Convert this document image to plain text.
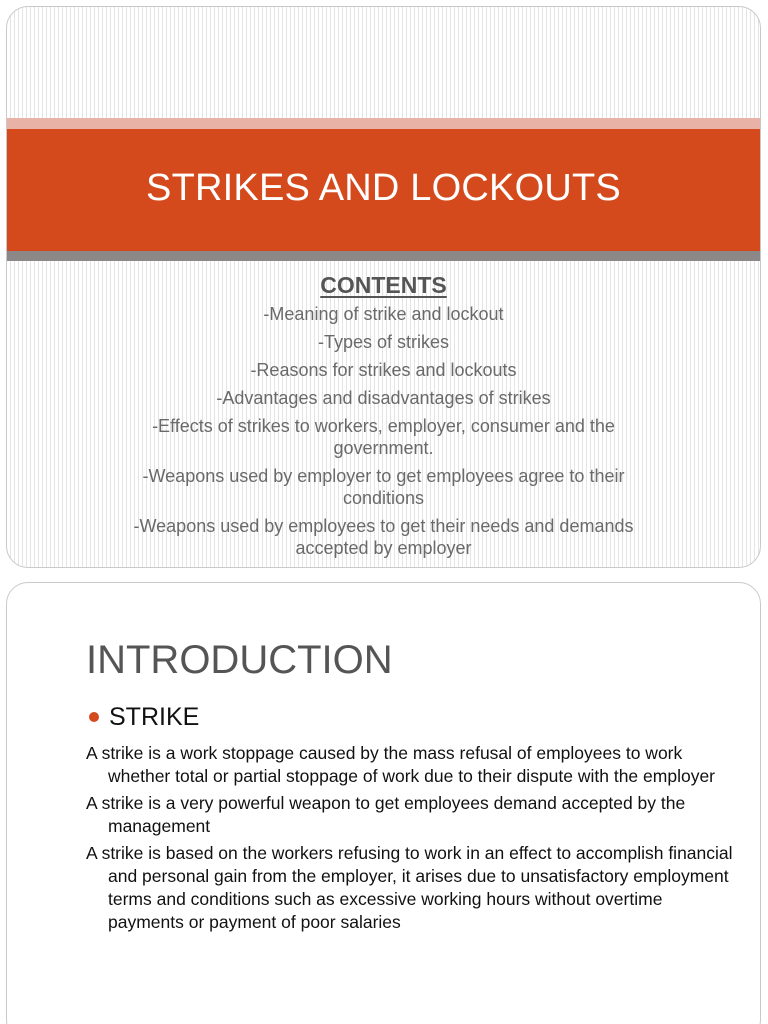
STRIKES AND LOCKOUTS
CONTENTS
-Meaning of strike and lockout
-Types of strikes
-Reasons for strikes and lockouts
-Advantages and disadvantages of strikes
-Effects of strikes to workers, employer, consumer and the government.
-Weapons used by employer to get employees agree to their conditions
-Weapons used by employees to get their needs and demands accepted by employer
INTRODUCTION
STRIKE

A strike is a work stoppage caused by the mass refusal of employees to work whether total or partial stoppage of work due to their dispute with the employer

A strike is a very powerful weapon to get employees demand accepted by the management

A strike is based on the workers refusing to work in an effect to accomplish financial and personal gain from the employer, it arises due to unsatisfactory employment terms and conditions such as excessive working hours without overtime payments or payment of poor salaries
